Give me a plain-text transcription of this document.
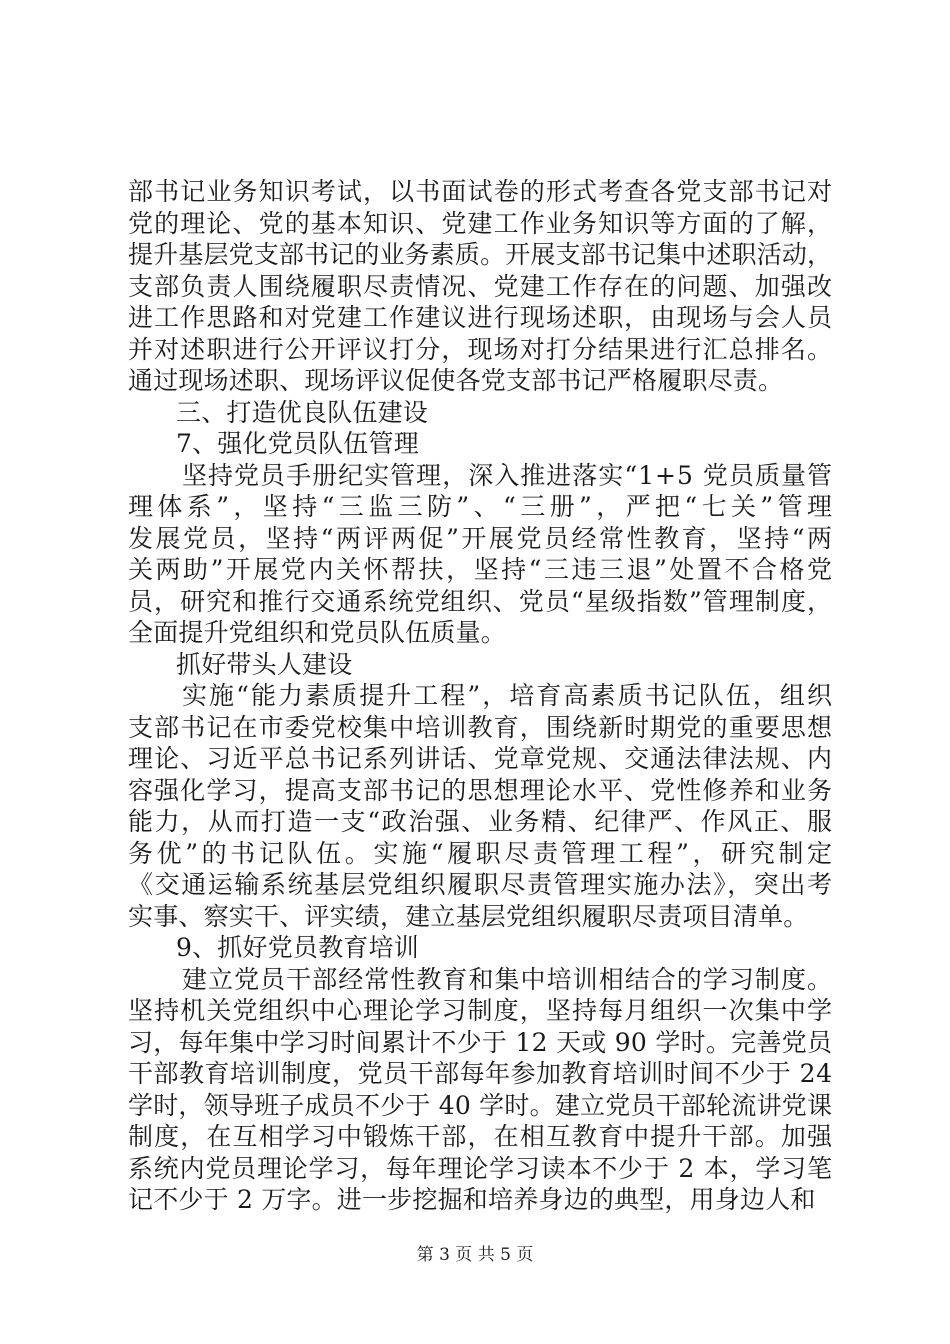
部书记业务知识考试，以书面试卷的形式考查各党支部书记对
党的理论、党的基本知识、党建工作业务知识等方面的了解，
提升基层党支部书记的业务素质。开展支部书记集中述职活动，
支部负责人围绕履职尽责情况、党建工作存在的问题、加强改
进工作思路和对党建工作建议进行现场述职，由现场与会人员
并对述职进行公开评议打分，现场对打分结果进行汇总排名。
通过现场述职、现场评议促使各党支部书记严格履职尽责。
三、打造优良队伍建设
7、强化党员队伍管理
坚持党员手册纪实管理，深入推进落实“1+5 党员质量管
理体系”，坚持“三监三防”、“三册”，严把“七关”管理
发展党员，坚持“两评两促”开展党员经常性教育，坚持“两
关两助”开展党内关怀帮扶，坚持“三违三退”处置不合格党
员，研究和推行交通系统党组织、党员“星级指数”管理制度，
全面提升党组织和党员队伍质量。
抓好带头人建设
实施“能力素质提升工程”，培育高素质书记队伍，组织
支部书记在市委党校集中培训教育，围绕新时期党的重要思想
理论、习近平总书记系列讲话、党章党规、交通法律法规、内
容强化学习，提高支部书记的思想理论水平、党性修养和业务
能力，从而打造一支“政治强、业务精、纪律严、作风正、服
务优”的书记队伍。实施“履职尽责管理工程”，研究制定
《交通运输系统基层党组织履职尽责管理实施办法》，突出考
实事、察实干、评实绩，建立基层党组织履职尽责项目清单。
9、抓好党员教育培训
建立党员干部经常性教育和集中培训相结合的学习制度。
坚持机关党组织中心理论学习制度，坚持每月组织一次集中学
习，每年集中学习时间累计不少于 12 天或 90 学时。完善党员
干部教育培训制度，党员干部每年参加教育培训时间不少于 24
学时，领导班子成员不少于 40 学时。建立党员干部轮流讲党课
制度，在互相学习中锻炼干部，在相互教育中提升干部。加强
系统内党员理论学习，每年理论学习读本不少于 2 本，学习笔
记不少于 2 万字。进一步挖掘和培养身边的典型，用身边人和
第 3 页 共 5 页
